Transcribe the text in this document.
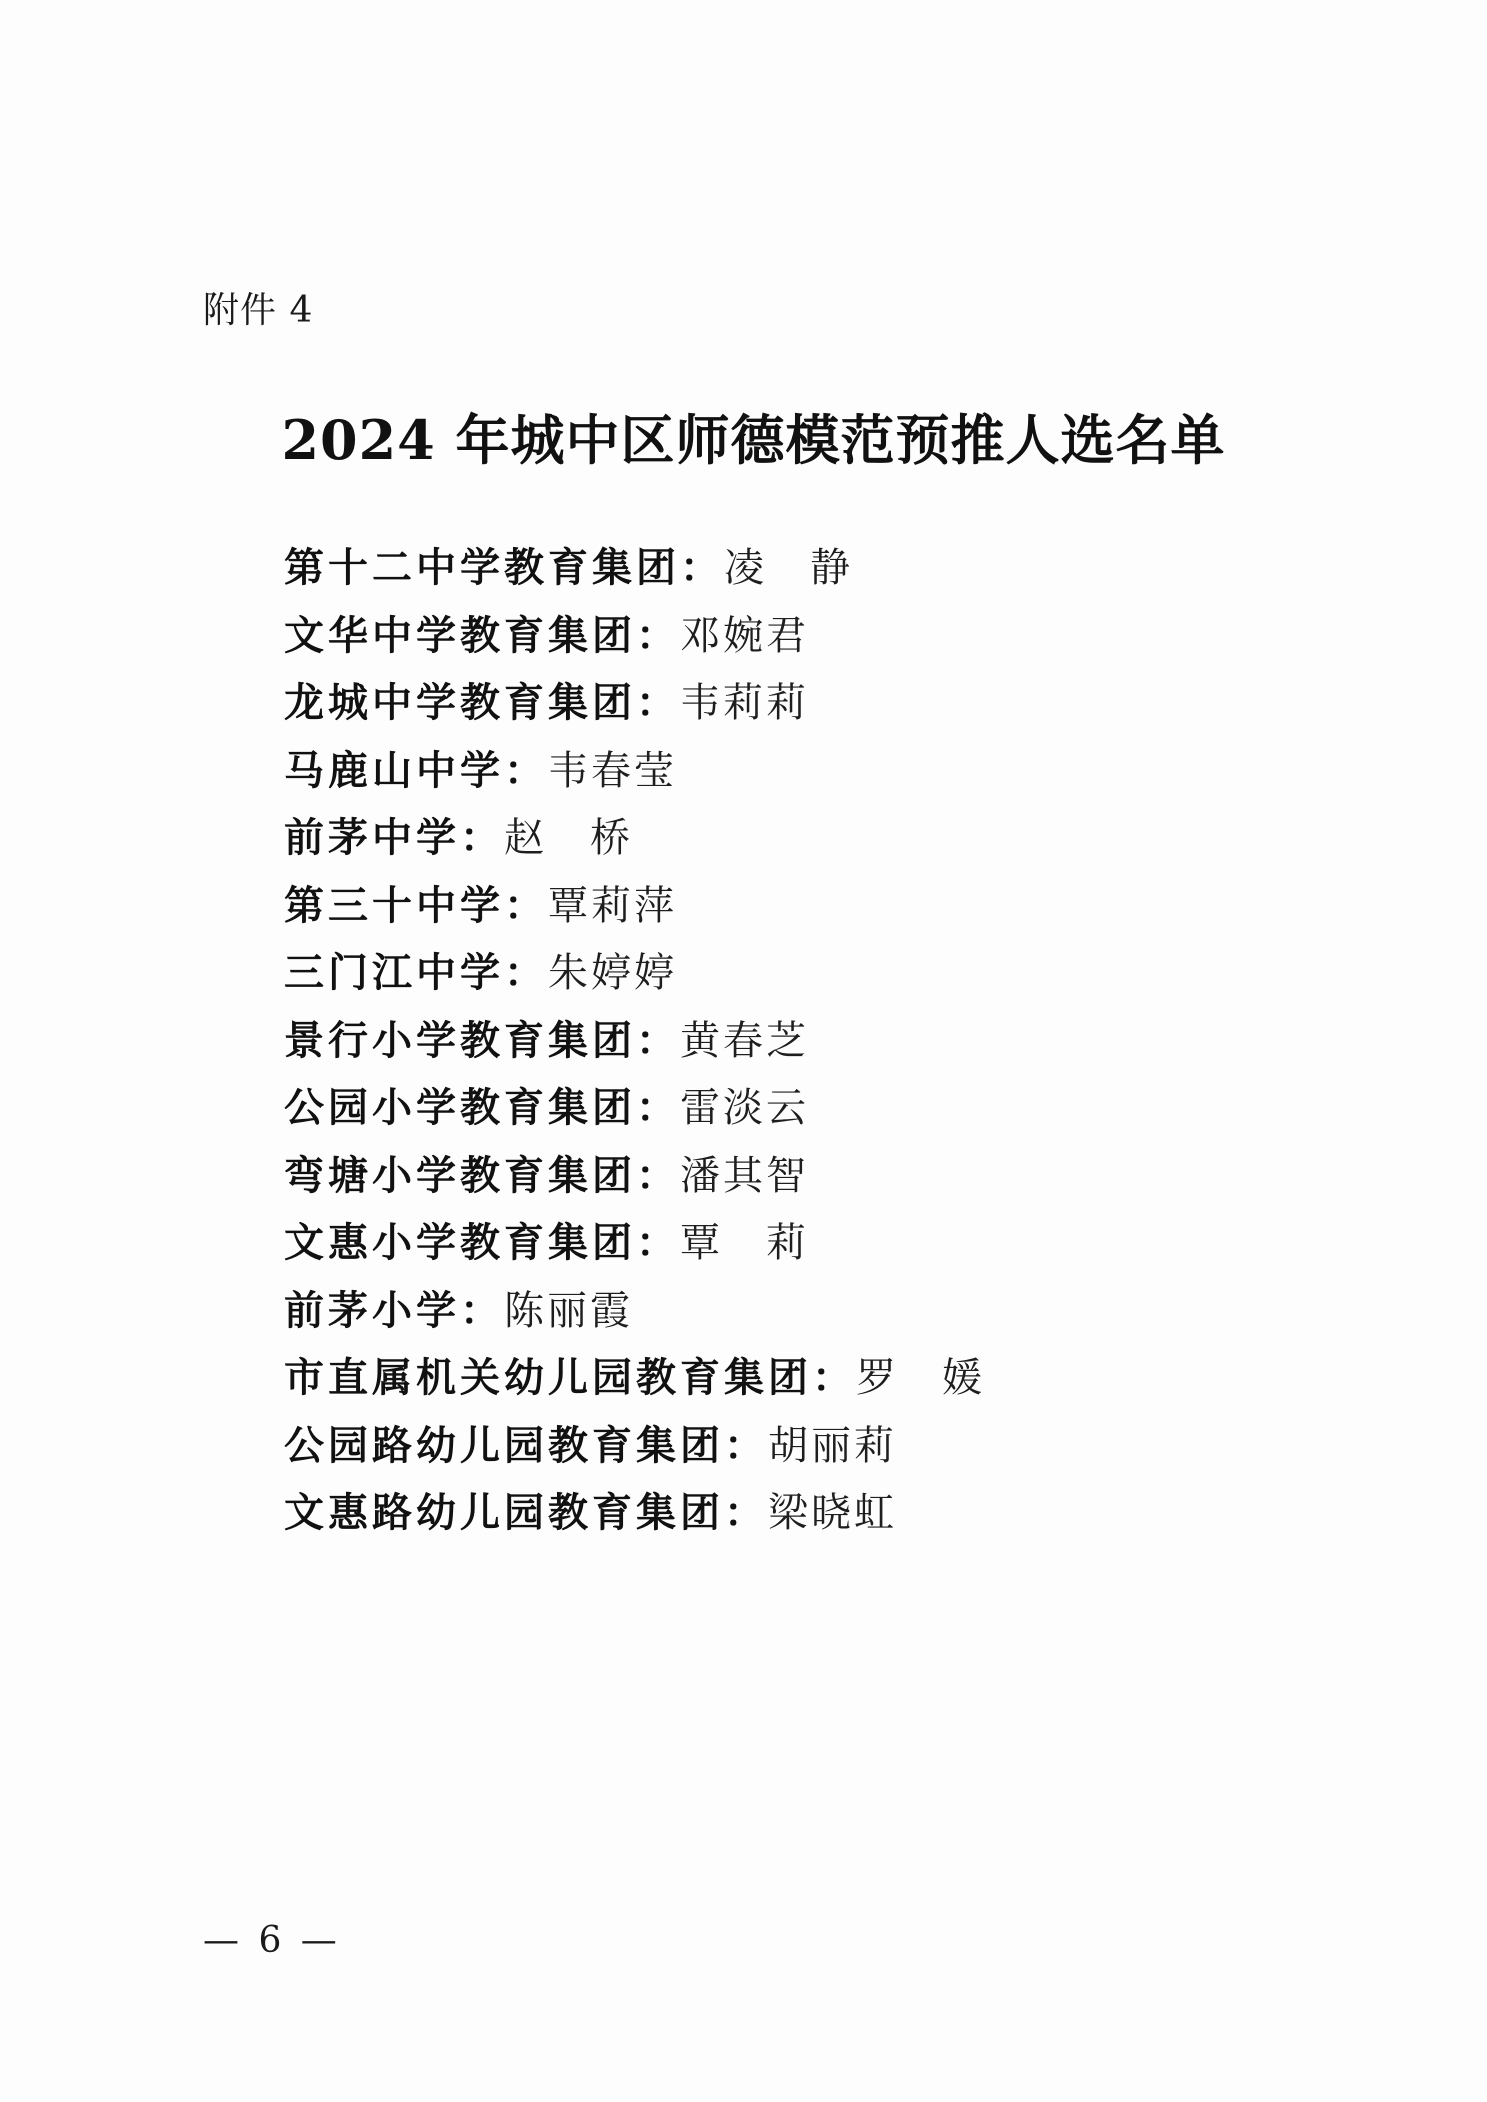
附件 4
2024 年城中区师德模范预推人选名单
第十二中学教育集团：凌　静
文华中学教育集团：邓婉君
龙城中学教育集团：韦莉莉
马鹿山中学：韦春莹
前茅中学：赵　桥
第三十中学：覃莉萍
三门江中学：朱婷婷
景行小学教育集团：黄春芝
公园小学教育集团：雷淡云
弯塘小学教育集团：潘其智
文惠小学教育集团：覃　莉
前茅小学：陈丽霞
市直属机关幼儿园教育集团：罗　媛
公园路幼儿园教育集团：胡丽莉
文惠路幼儿园教育集团：梁晓虹
— 6 —
